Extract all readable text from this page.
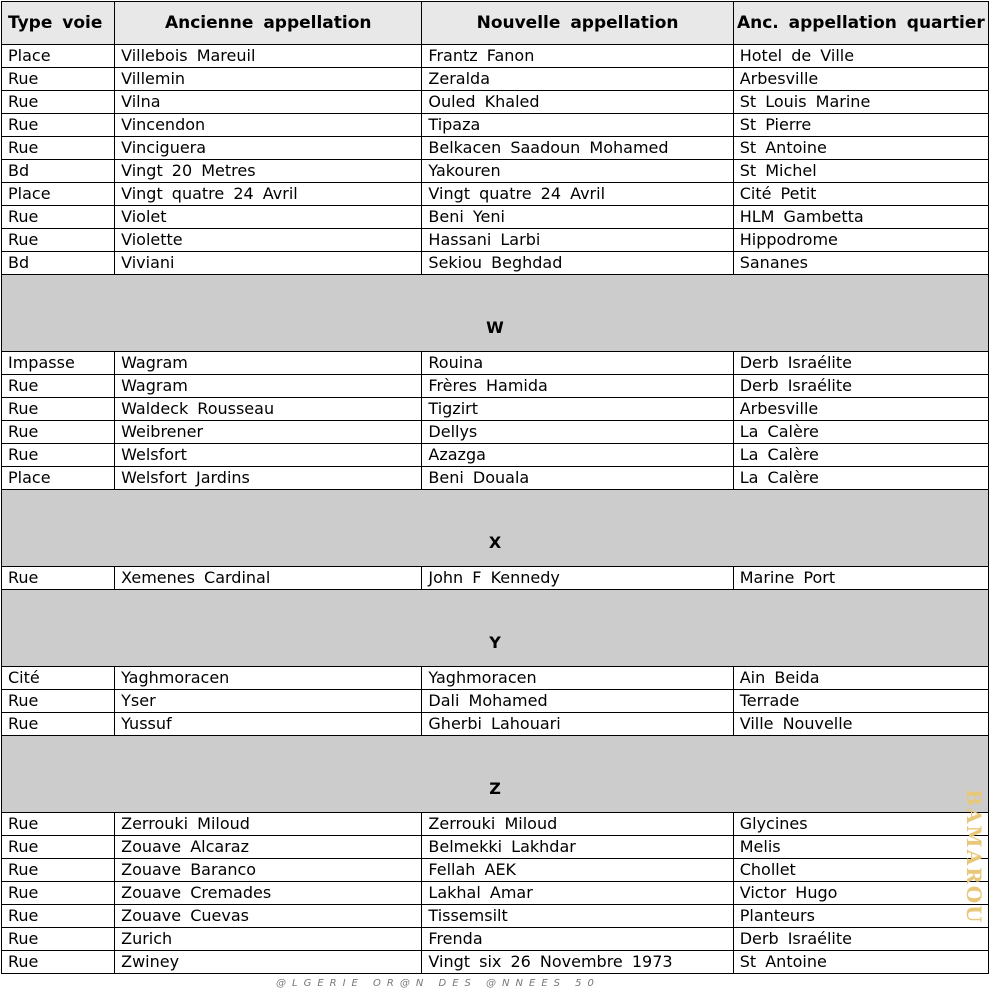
Type voie	Ancienne appellation	Nouvelle appellation	Anc. appellation quartier
Place	Villebois Mareuil	Frantz Fanon	Hotel de Ville
Rue	Villemin	Zeralda	Arbesville
Rue	Vilna	Ouled Khaled	St Louis Marine
Rue	Vincendon	Tipaza	St Pierre
Rue	Vinciguera	Belkacen Saadoun Mohamed	St Antoine
Bd	Vingt 20 Metres	Yakouren	St Michel
Place	Vingt quatre 24 Avril	Vingt quatre 24 Avril	Cité Petit
Rue	Violet	Beni Yeni	HLM Gambetta
Rue	Violette	Hassani Larbi	Hippodrome
Bd	Viviani	Sekiou Beghdad	Sananes
W			
Impasse	Wagram	Rouina	Derb Israélite
Rue	Wagram	Frères Hamida	Derb Israélite
Rue	Waldeck Rousseau	Tigzirt	Arbesville
Rue	Weibrener	Dellys	La Calère
Rue	Welsfort	Azazga	La Calère
Place	Welsfort Jardins	Beni Douala	La Calère
X			
Rue	Xemenes Cardinal	John F Kennedy	Marine Port
Y			
Cité	Yaghmoracen	Yaghmoracen	Ain Beida
Rue	Yser	Dali Mohamed	Terrade
Rue	Yussuf	Gherbi Lahouari	Ville Nouvelle
Z			
Rue	Zerrouki Miloud	Zerrouki Miloud	Glycines
Rue	Zouave Alcaraz	Belmekki Lakhdar	Melis
Rue	Zouave Baranco	Fellah AEK	Chollet
Rue	Zouave Cremades	Lakhal Amar	Victor Hugo
Rue	Zouave Cuevas	Tissemsilt	Planteurs
Rue	Zurich	Frenda	Derb Israélite
Rue	Zwiney	Vingt six 26 Novembre 1973	St Antoine
@LGERIE OR@N DES @NNEES 50
BAMAROU
